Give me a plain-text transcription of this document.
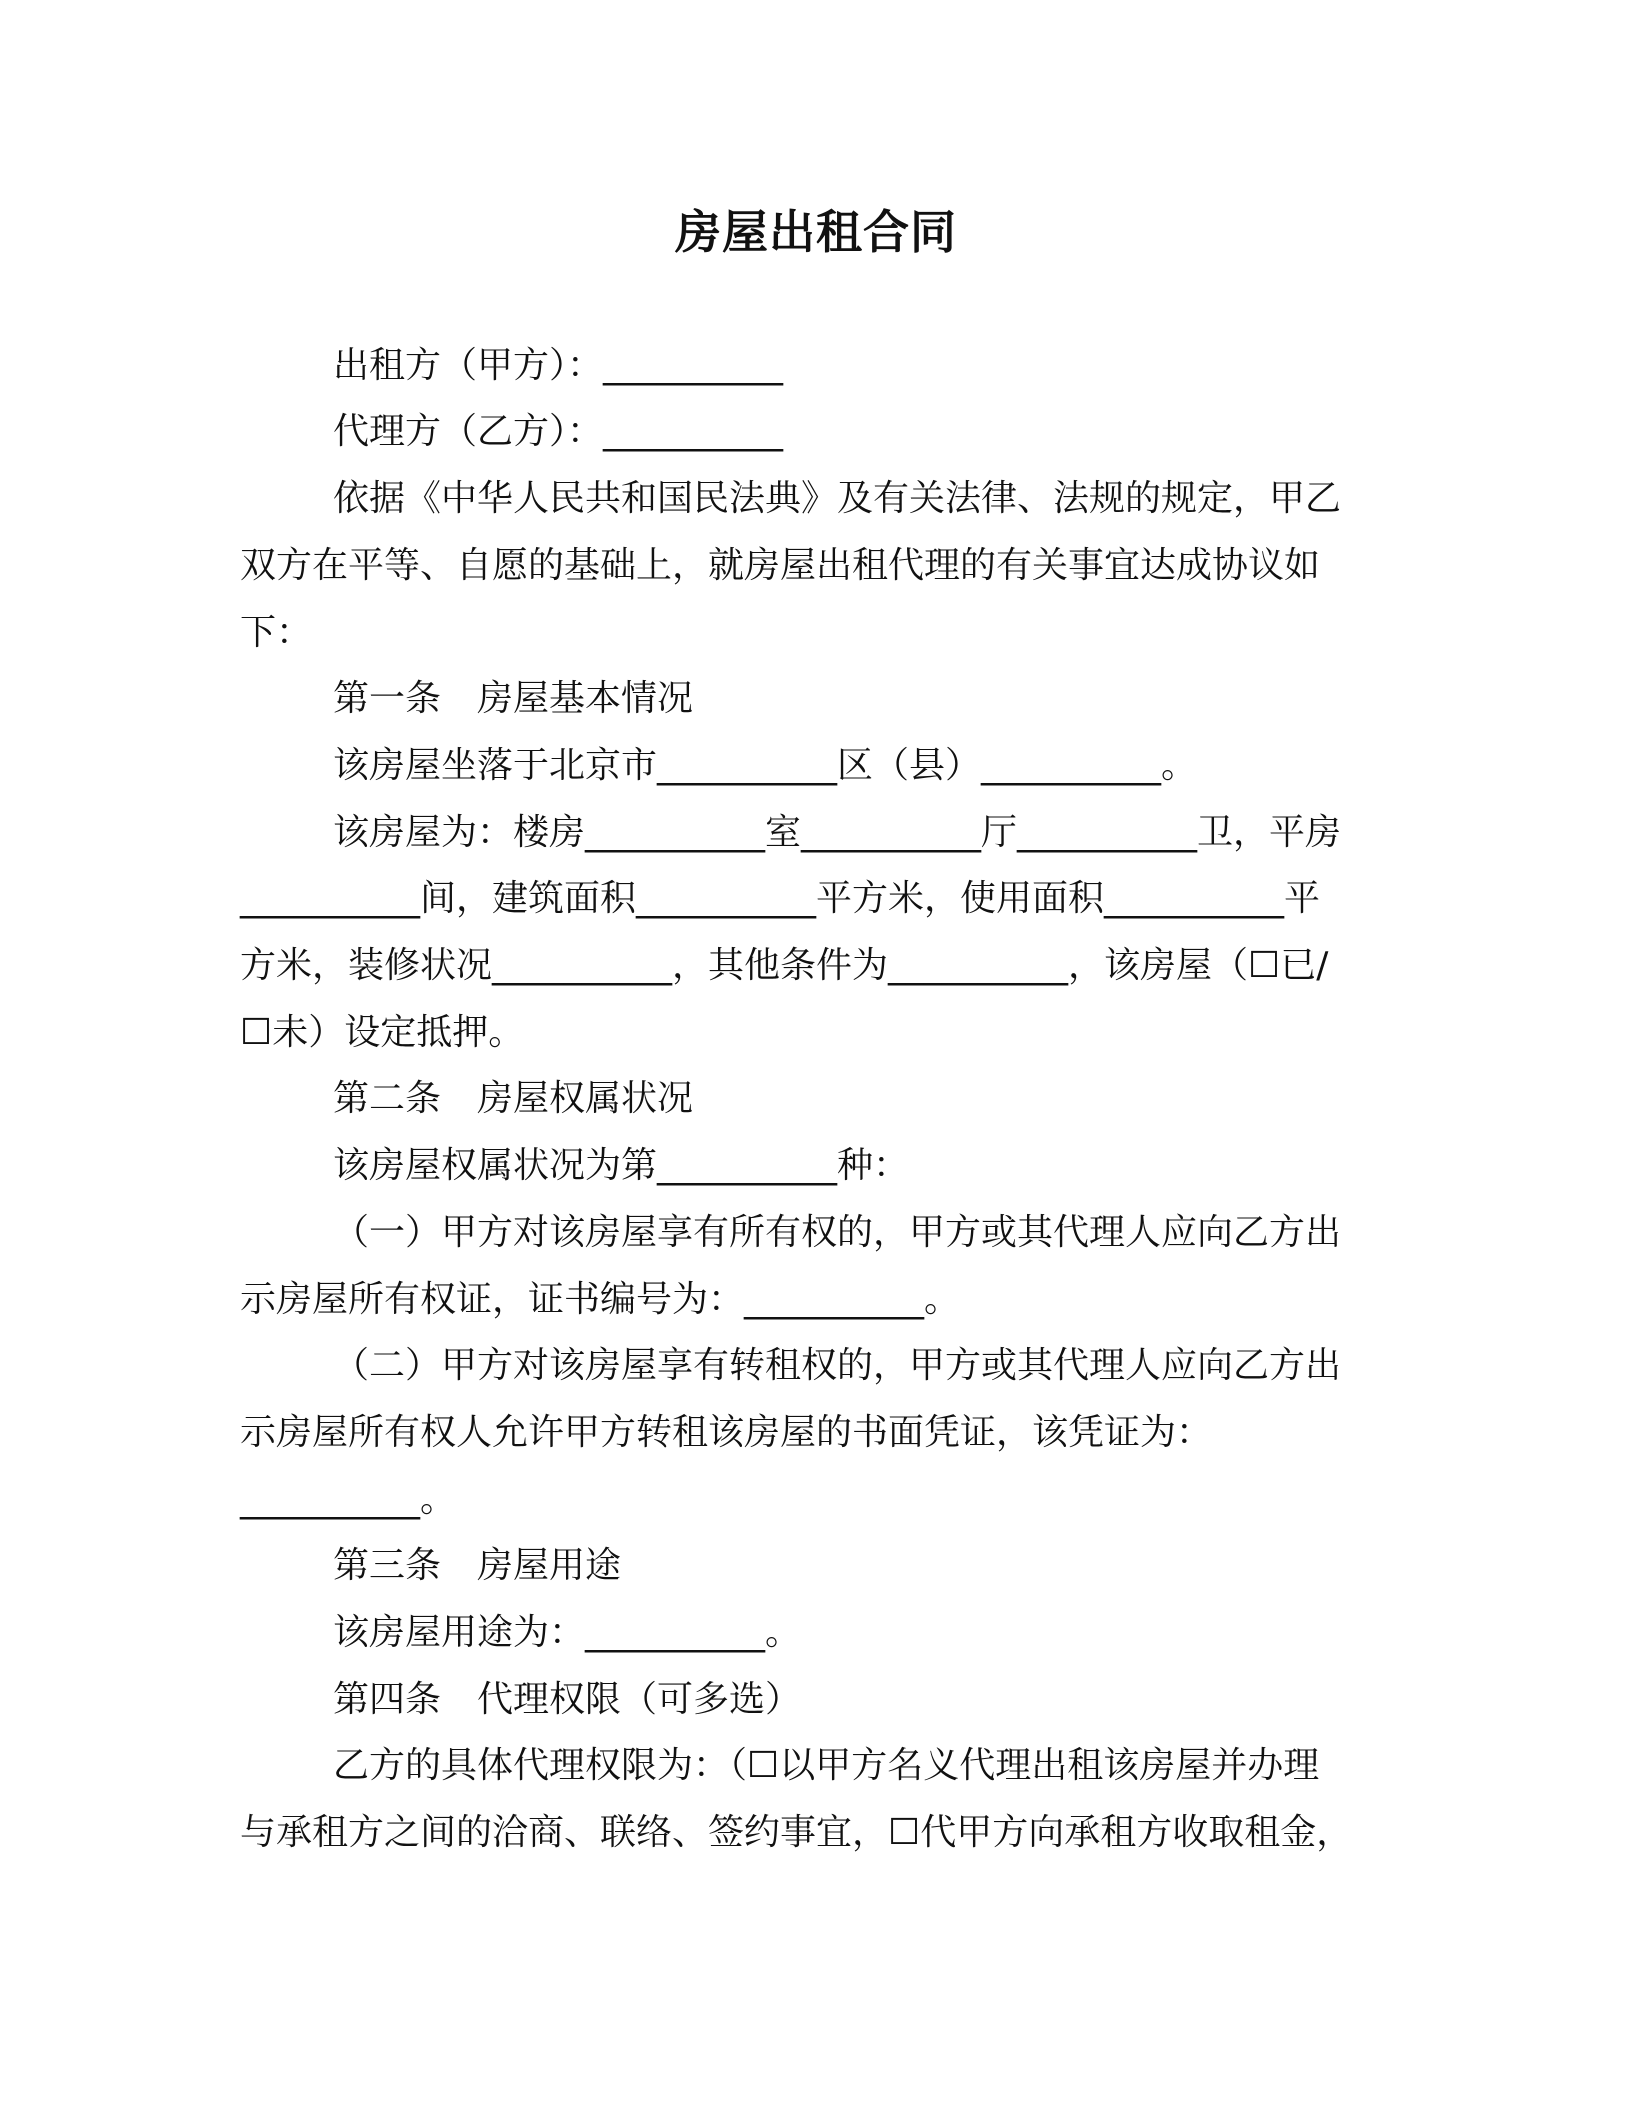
房屋出租合同
出租方（甲方）：__________
代理方（乙方）：__________
依据《中华人民共和国民法典》及有关法律、法规的规定，甲乙
双方在平等、自愿的基础上，就房屋出租代理的有关事宜达成协议如
下：
第一条　房屋基本情况
该房屋坐落于北京市__________区（县）__________。
该房屋为：楼房__________室__________厅__________卫，平房
__________间，建筑面积__________平方米，使用面积__________平
方米，装修状况__________，其他条件为__________，该房屋（☐已/
☐未）设定抵押。
第二条　房屋权属状况
该房屋权属状况为第__________种：
（一）甲方对该房屋享有所有权的，甲方或其代理人应向乙方出
示房屋所有权证，证书编号为：__________。
（二）甲方对该房屋享有转租权的，甲方或其代理人应向乙方出
示房屋所有权人允许甲方转租该房屋的书面凭证，该凭证为：
__________。
第三条　房屋用途
该房屋用途为：__________。
第四条　代理权限（可多选）
乙方的具体代理权限为：（☐以甲方名义代理出租该房屋并办理
与承租方之间的洽商、联络、签约事宜，☐代甲方向承租方收取租金，
